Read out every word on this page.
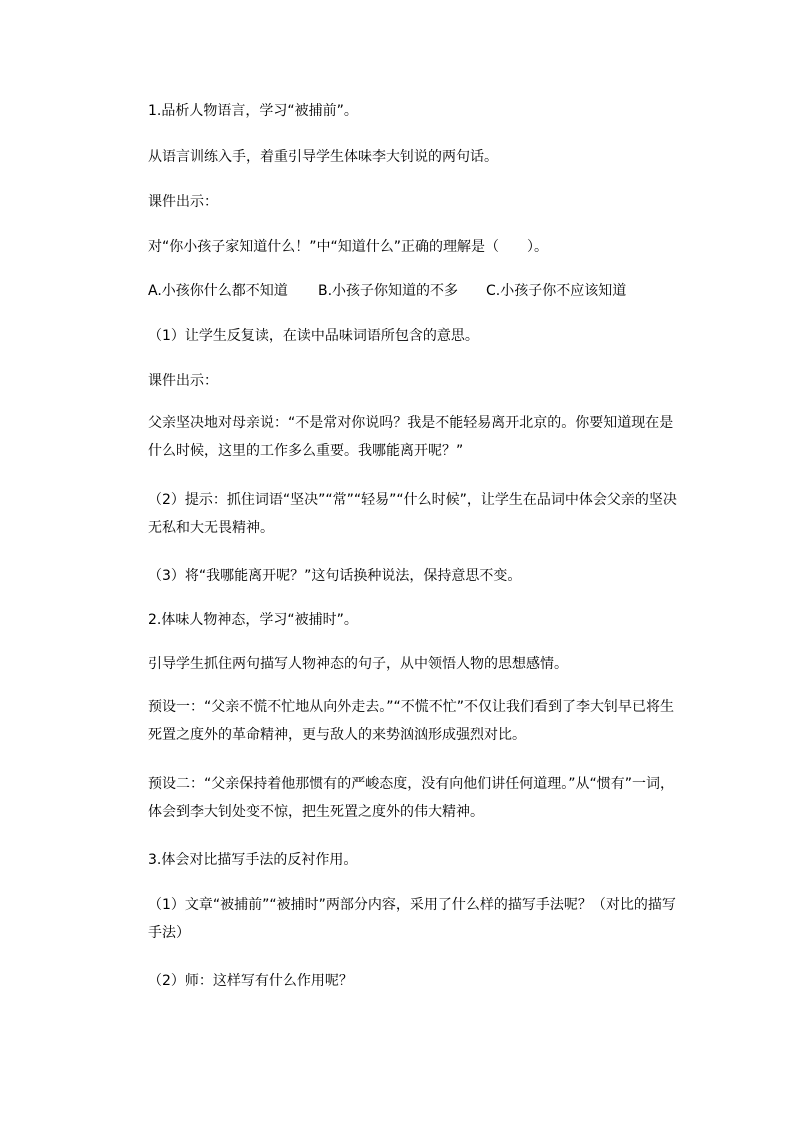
1.品析人物语言，学习“被捕前”。

从语言训练入手，着重引导学生体味李大钊说的两句话。

课件出示：

对“你小孩子家知道什么！”中“知道什么”正确的理解是（　　）。

A.小孩你什么都不知道 B.小孩子你知道的不多 C.小孩子你不应该知道

（1）让学生反复读，在读中品味词语所包含的意思。

课件出示：

父亲坚决地对母亲说：“不是常对你说吗？我是不能轻易离开北京的。你要知道现在是什么时候，这里的工作多么重要。我哪能离开呢？”

（2）提示：抓住词语“坚决”“常”“轻易”“什么时候”，让学生在品词中体会父亲的坚决无私和大无畏精神。

（3）将“我哪能离开呢？”这句话换种说法，保持意思不变。

2.体味人物神态，学习“被捕时”。

引导学生抓住两句描写人物神态的句子，从中领悟人物的思想感情。

预设一：“父亲不慌不忙地从向外走去。”“不慌不忙”不仅让我们看到了李大钊早已将生死置之度外的革命精神，更与敌人的来势汹汹形成强烈对比。

预设二：“父亲保持着他那惯有的严峻态度，没有向他们讲任何道理。”从“惯有”一词，体会到李大钊处变不惊，把生死置之度外的伟大精神。

3.体会对比描写手法的反衬作用。

（1）文章“被捕前”“被捕时”两部分内容，采用了什么样的描写手法呢？（对比的描写手法）

（2）师：这样写有什么作用呢？
